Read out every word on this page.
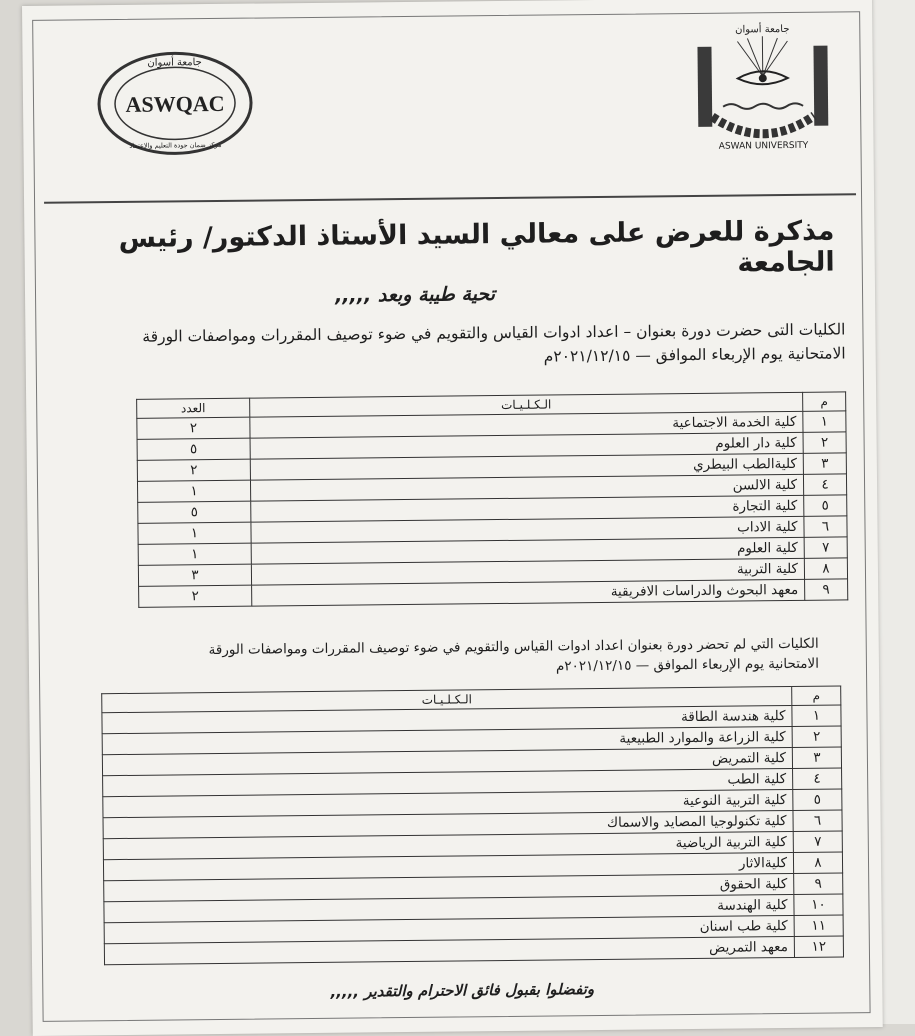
جامعة أسوان
ASWQAC
مركز ضمان جودة التعليم والاعتماد
جامعة أسوان
ASWAN UNIVERSITY
مذكرة للعرض على معالي السيد الأستاذ الدكتور/ رئيس الجامعة
تحية طيبة وبعد ,,,,,
الكليات التى حضرت دورة بعنوان – اعداد ادوات القياس والتقويم في ضوء توصيف المقررات ومواصفات الورقة
الامتحانية يوم الإربعاء الموافق — ٢٠٢١/١٢/١٥م
م	الـكـلـيـات	العدد
١	كلية الخدمة الاجتماعية	٢
٢	كلية دار العلوم	٥
٣	كليةالطب البيطري	٢
٤	كلية الالسن	١
٥	كلية التجارة	٥
٦	كلية الاداب	١
٧	كلية العلوم	١
٨	كلية التربية	٣
٩	معهد البحوث والدراسات الافريقية	٢
الكليات التي لم تحضر دورة بعنوان اعداد ادوات القياس والتقويم في ضوء توصيف المقررات ومواصفات الورقة
الامتحانية يوم الإربعاء الموافق — ٢٠٢١/١٢/١٥م
م	الـكـلـيـات
١	كلية هندسة الطاقة
٢	كلية الزراعة والموارد الطبيعية
٣	كلية التمريض
٤	كلية الطب
٥	كلية التربية النوعية
٦	كلية تكنولوجيا المصايد والاسماك
٧	كلية التربية الرياضية
٨	كليةالاثار
٩	كلية الحقوق
١٠	كلية الهندسة
١١	كلية طب اسنان
١٢	معهد التمريض
وتفضلوا بقبول فائق الاحترام والتقدير ,,,,,
